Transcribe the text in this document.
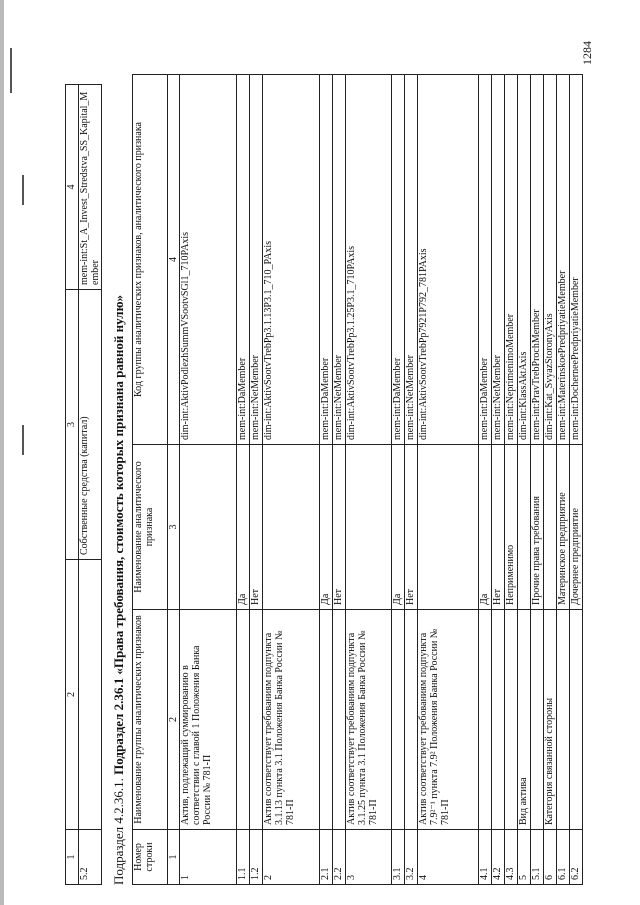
1	2	3	4
5.2		Собственные средства (капитал)	mem-int:St_A_Invest_Stredstva_SS_Kapital_Member
Подраздел 4.2.36.1. Подраздел 2.36.1 «Права требования, стоимость которых признана равной нулю»
Номер строки	Наименование группы аналитических признаков	Наименование аналитического признака	Код группы аналитических признаков, аналитического признака
1	2	3	4
1	Актив, подлежащий суммированию в соответствии с главой 1 Положения Банка России № 781-П		dim-int:AktivPodlezhSummVSootvSGl1_710PAxis
1.1		Да	mem-int:DaMember
1.2		Нет	mem-int:NetMember
2	Актив соответствует требованиям подпункта 3.1.13 пункта 3.1 Положения Банка России № 781-П		dim-int:AktivSootvTrebPp3.1.13P3.1_710_PAxis
2.1		Да	mem-int:DaMember
2.2		Нет	mem-int:NetMember
3	Актив соответствует требованиям подпункта 3.1.25 пункта 3.1 Положения Банка России № 781-П		dim-int:AktivSootvTrebPp3.1.25P3.1_710PAxis
3.1		Да	mem-int:DaMember
3.2		Нет	mem-int:NetMember
4	Актив соответствует требованиям подпункта 7.9²⁻¹ пункта 7.9² Положения Банка России № 781-П		dim-int:AktivSootvTrebPp7921P792_781PAxis
4.1		Да	mem-int:DaMember
4.2		Нет	mem-int:NetMember
4.3		Неприменимо	mem-int:NeprimenimoMember
5	Вид актива		dim-int:KlassAktAxis
5.1		Прочие права требования	mem-int:PravTrebProchMember
6	Категория связанной стороны		dim-int:Kat_SvyazStoronyAxis
6.1		Материнское предприятие	mem-int:MaterinskoePredpriyatieMember
6.2		Дочернее предприятие	mem-int:DocherneePredpriyatieMember
1284
